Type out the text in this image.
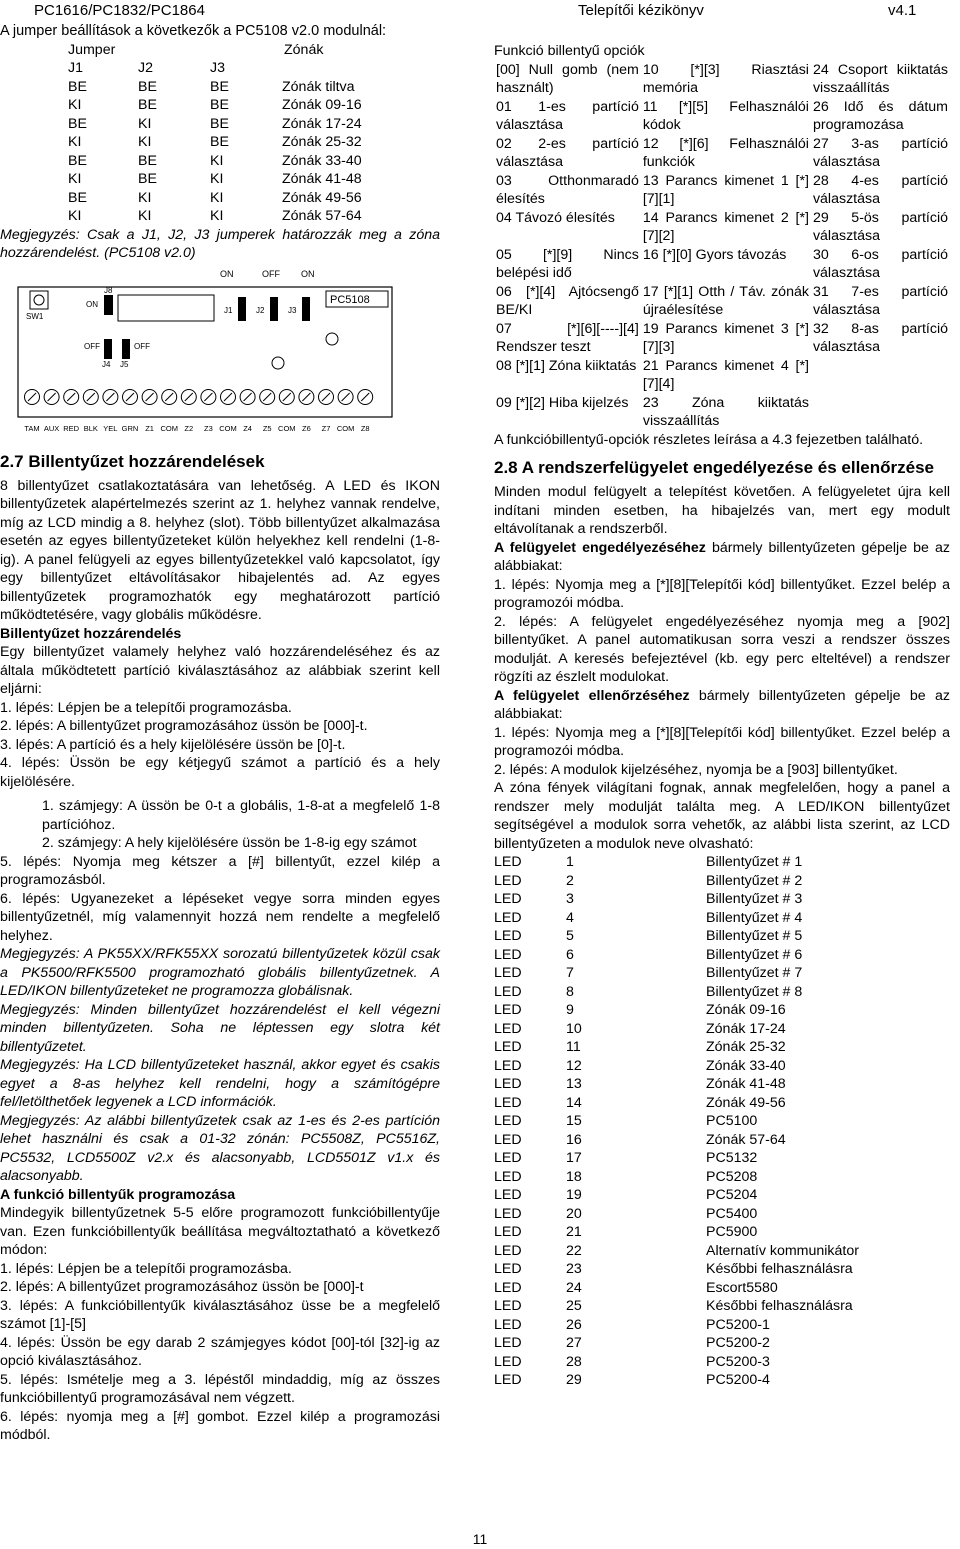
PC1616/PC1832/PC1864	Telepítői kézikönyv	v4.1

A jumper beállítások a következők a PC5108 v2.0 modulnál:

Jumper	Zónák
J1	J2	J3	
BE	BE	BE	Zónák tiltva
KI	BE	BE	Zónák 09-16
BE	KI	BE	Zónák 17-24
KI	KI	BE	Zónák 25-32
BE	BE	KI	Zónák 33-40
KI	BE	KI	Zónák 41-48
BE	KI	KI	Zónák 49-56
KI	KI	KI	Zónák 57-64

Megjegyzés: Csak a J1, J2, J3 jumperek határozzák meg a zóna hozzárendelést. (PC5108 v2.0)

ON	OFF ON
PC5108
J8
ON
SW1
J1	J2	J3
OFF	OFF
J4 J5
TAM AUX RED BLK YEL GRN Z1 COM Z2 Z3 COM Z4 Z5 COM Z6 Z7 COM Z8
2.7 Billentyűzet hozzárendelések

8 billentyűzet csatlakoztatására van lehetőség. A LED és IKON billentyűzetek alapértelmezés szerint az 1. helyhez vannak rendelve, míg az LCD mindig a 8. helyhez (slot). Több billentyűzet alkalmazása esetén az egyes billentyűzeteket külön helyekhez kell rendelni (1-8-ig). A panel felügyeli az egyes billentyűzetekkel való kapcsolatot, így egy billentyűzet eltávolításakor hibajelentés ad. Az egyes billentyűzetek programozhatók egy meghatározott partíció működtetésére, vagy globális működésre.

Billentyűzet hozzárendelés

Egy billentyűzet valamely helyhez való hozzárendeléséhez és az általa működtetett partíció kiválasztásához az alábbiak szerint kell eljárni:

1. lépés: Lépjen be a telepítői programozásba.

2. lépés: A billentyűzet programozásához üssön be [000]-t.

3. lépés: A partíció és a hely kijelölésére üssön be [0]-t.

4. lépés: Üssön be egy kétjegyű számot a partíció és a hely kijelölésére.

1. számjegy: A üssön be 0-t a globális, 1-8-at a megfelelő 1-8 partícióhoz.

2. számjegy: A hely kijelölésére üssön be 1-8-ig egy számot

5. lépés: Nyomja meg kétszer a [#] billentyűt, ezzel kilép a programozásból.

6. lépés: Ugyanezeket a lépéseket vegye sorra minden egyes billentyűzetnél, míg valamennyit hozzá nem rendelte a megfelelő helyhez.

Megjegyzés: A PK55XX/RFK55XX sorozatú billentyűzetek közül csak a PK5500/RFK5500 programozható globális billentyűzetnek. A LED/IKON billentyűzeteket ne programozza globálisnak.

Megjegyzés: Minden billentyűzet hozzárendelést el kell végezni minden billentyűzeten. Soha ne léptessen egy slotra két billentyűzetet.

Megjegyzés: Ha LCD billentyűzeteket használ, akkor egyet és csakis egyet a 8-as helyhez kell rendelni, hogy a számítógépre fel/letölthetőek legyenek a LCD információk.

Megjegyzés: Az alábbi billentyűzetek csak az 1-es és 2-es partíción lehet használni és csak a 01-32 zónán: PC5508Z, PC5516Z, PC5532, LCD5500Z v2.x és alacsonyabb, LCD5501Z v1.x és alacsonyabb.

A funkció billentyűk programozása

Mindegyik billentyűzetnek 5-5 előre programozott funkcióbillentyűje van. Ezen funkcióbillentyűk beállítása megváltoztatható a következő módon:

1. lépés: Lépjen be a telepítői programozásba.

2. lépés: A billentyűzet programozásához üssön be [000]-t

3. lépés: A funkcióbillentyűk kiválasztásához üsse be a megfelelő számot [1]-[5]

4. lépés: Üssön be egy darab 2 számjegyes kódot [00]-tól [32]-ig az opció kiválasztásához.

5. lépés: Ismételje meg a 3. lépéstől mindaddig, míg az összes funkcióbillentyű programozásával nem végzett.

6. lépés: nyomja meg a [#] gombot. Ezzel kilép a programozási módból.

Funkció billentyű opciók

[00] Null gomb (nem használt)	10 [*][3] Riasztási memória	24 Csoport kiiktatás visszaállítás
01 1-es partíció választása	11 [*][5] Felhasználói kódok	26 Idő és dátum programozása
02 2-es partíció választása	12 [*][6] Felhasználói funkciók	27 3-as partíció választása
03 Otthonmaradó élesítés	13 Parancs kimenet 1 [*][7][1]	28 4-es partíció választása
04 Távozó élesítés	14 Parancs kimenet 2 [*][7][2]	29 5-ös partíció választása
05 [*][9] Nincs belépési idő	16 [*][0] Gyors távozás	30 6-os partíció választása
06 [*][4] Ajtócsengő BE/KI	17 [*][1] Otth / Táv. zónák újraélesítése	31 7-es partíció választása
07 [*][6][----][4] Rendszer teszt	19 Parancs kimenet 3 [*][7][3]	32 8-as partíció választása
08 [*][1] Zóna kiiktatás	21 Parancs kimenet 4 [*][7][4]	
09 [*][2] Hiba kijelzés	23 Zóna kiiktatás visszaállítás	

A funkcióbillentyű-opciók részletes leírása a 4.3 fejezetben található.

2.8 A rendszerfelügyelet engedélyezése és ellenőrzése

Minden modul felügyelt a telepítést követően. A felügyeletet újra kell indítani minden esetben, ha hibajelzés van, mert egy modult eltávolítanak a rendszerből.

A felügyelet engedélyezéséhez bármely billentyűzeten gépelje be az alábbiakat:

1. lépés: Nyomja meg a [*][8][Telepítői kód] billentyűket. Ezzel belép a programozói módba.

2. lépés: A felügyelet engedélyezéséhez nyomja meg a [902] billentyűket. A panel automatikusan sorra veszi a rendszer összes modulját. A keresés befejeztével (kb. egy perc elteltével) a rendszer rögzíti az észlelt modulokat.

A felügyelet ellenőrzéséhez bármely billentyűzeten gépelje be az alábbiakat:

1. lépés: Nyomja meg a [*][8][Telepítői kód] billentyűket. Ezzel belép a programozói módba.

2. lépés: A modulok kijelzéséhez, nyomja be a [903] billentyűket.

A zóna fények világítani fognak, annak megfelelően, hogy a panel a rendszer mely modulját találta meg. A LED/IKON billentyűzet segítségével a modulok sorra vehetők, az alábbi lista szerint, az LCD billentyűzeten a modulok neve olvasható:

LED	1	Billentyűzet # 1
LED	2	Billentyűzet # 2
LED	3	Billentyűzet # 3
LED	4	Billentyűzet # 4
LED	5	Billentyűzet # 5
LED	6	Billentyűzet # 6
LED	7	Billentyűzet # 7
LED	8	Billentyűzet # 8
LED	9	Zónák 09-16
LED	10	Zónák 17-24
LED	11	Zónák 25-32
LED	12	Zónák 33-40
LED	13	Zónák 41-48
LED	14	Zónák 49-56
LED	15	PC5100
LED	16	Zónák 57-64
LED	17	PC5132
LED	18	PC5208
LED	19	PC5204
LED	20	PC5400
LED	21	PC5900
LED	22	Alternatív kommunikátor
LED	23	Későbbi felhasználásra
LED	24	Escort5580
LED	25	Későbbi felhasználásra
LED	26	PC5200-1
LED	27	PC5200-2
LED	28	PC5200-3
LED	29	PC5200-4
11
